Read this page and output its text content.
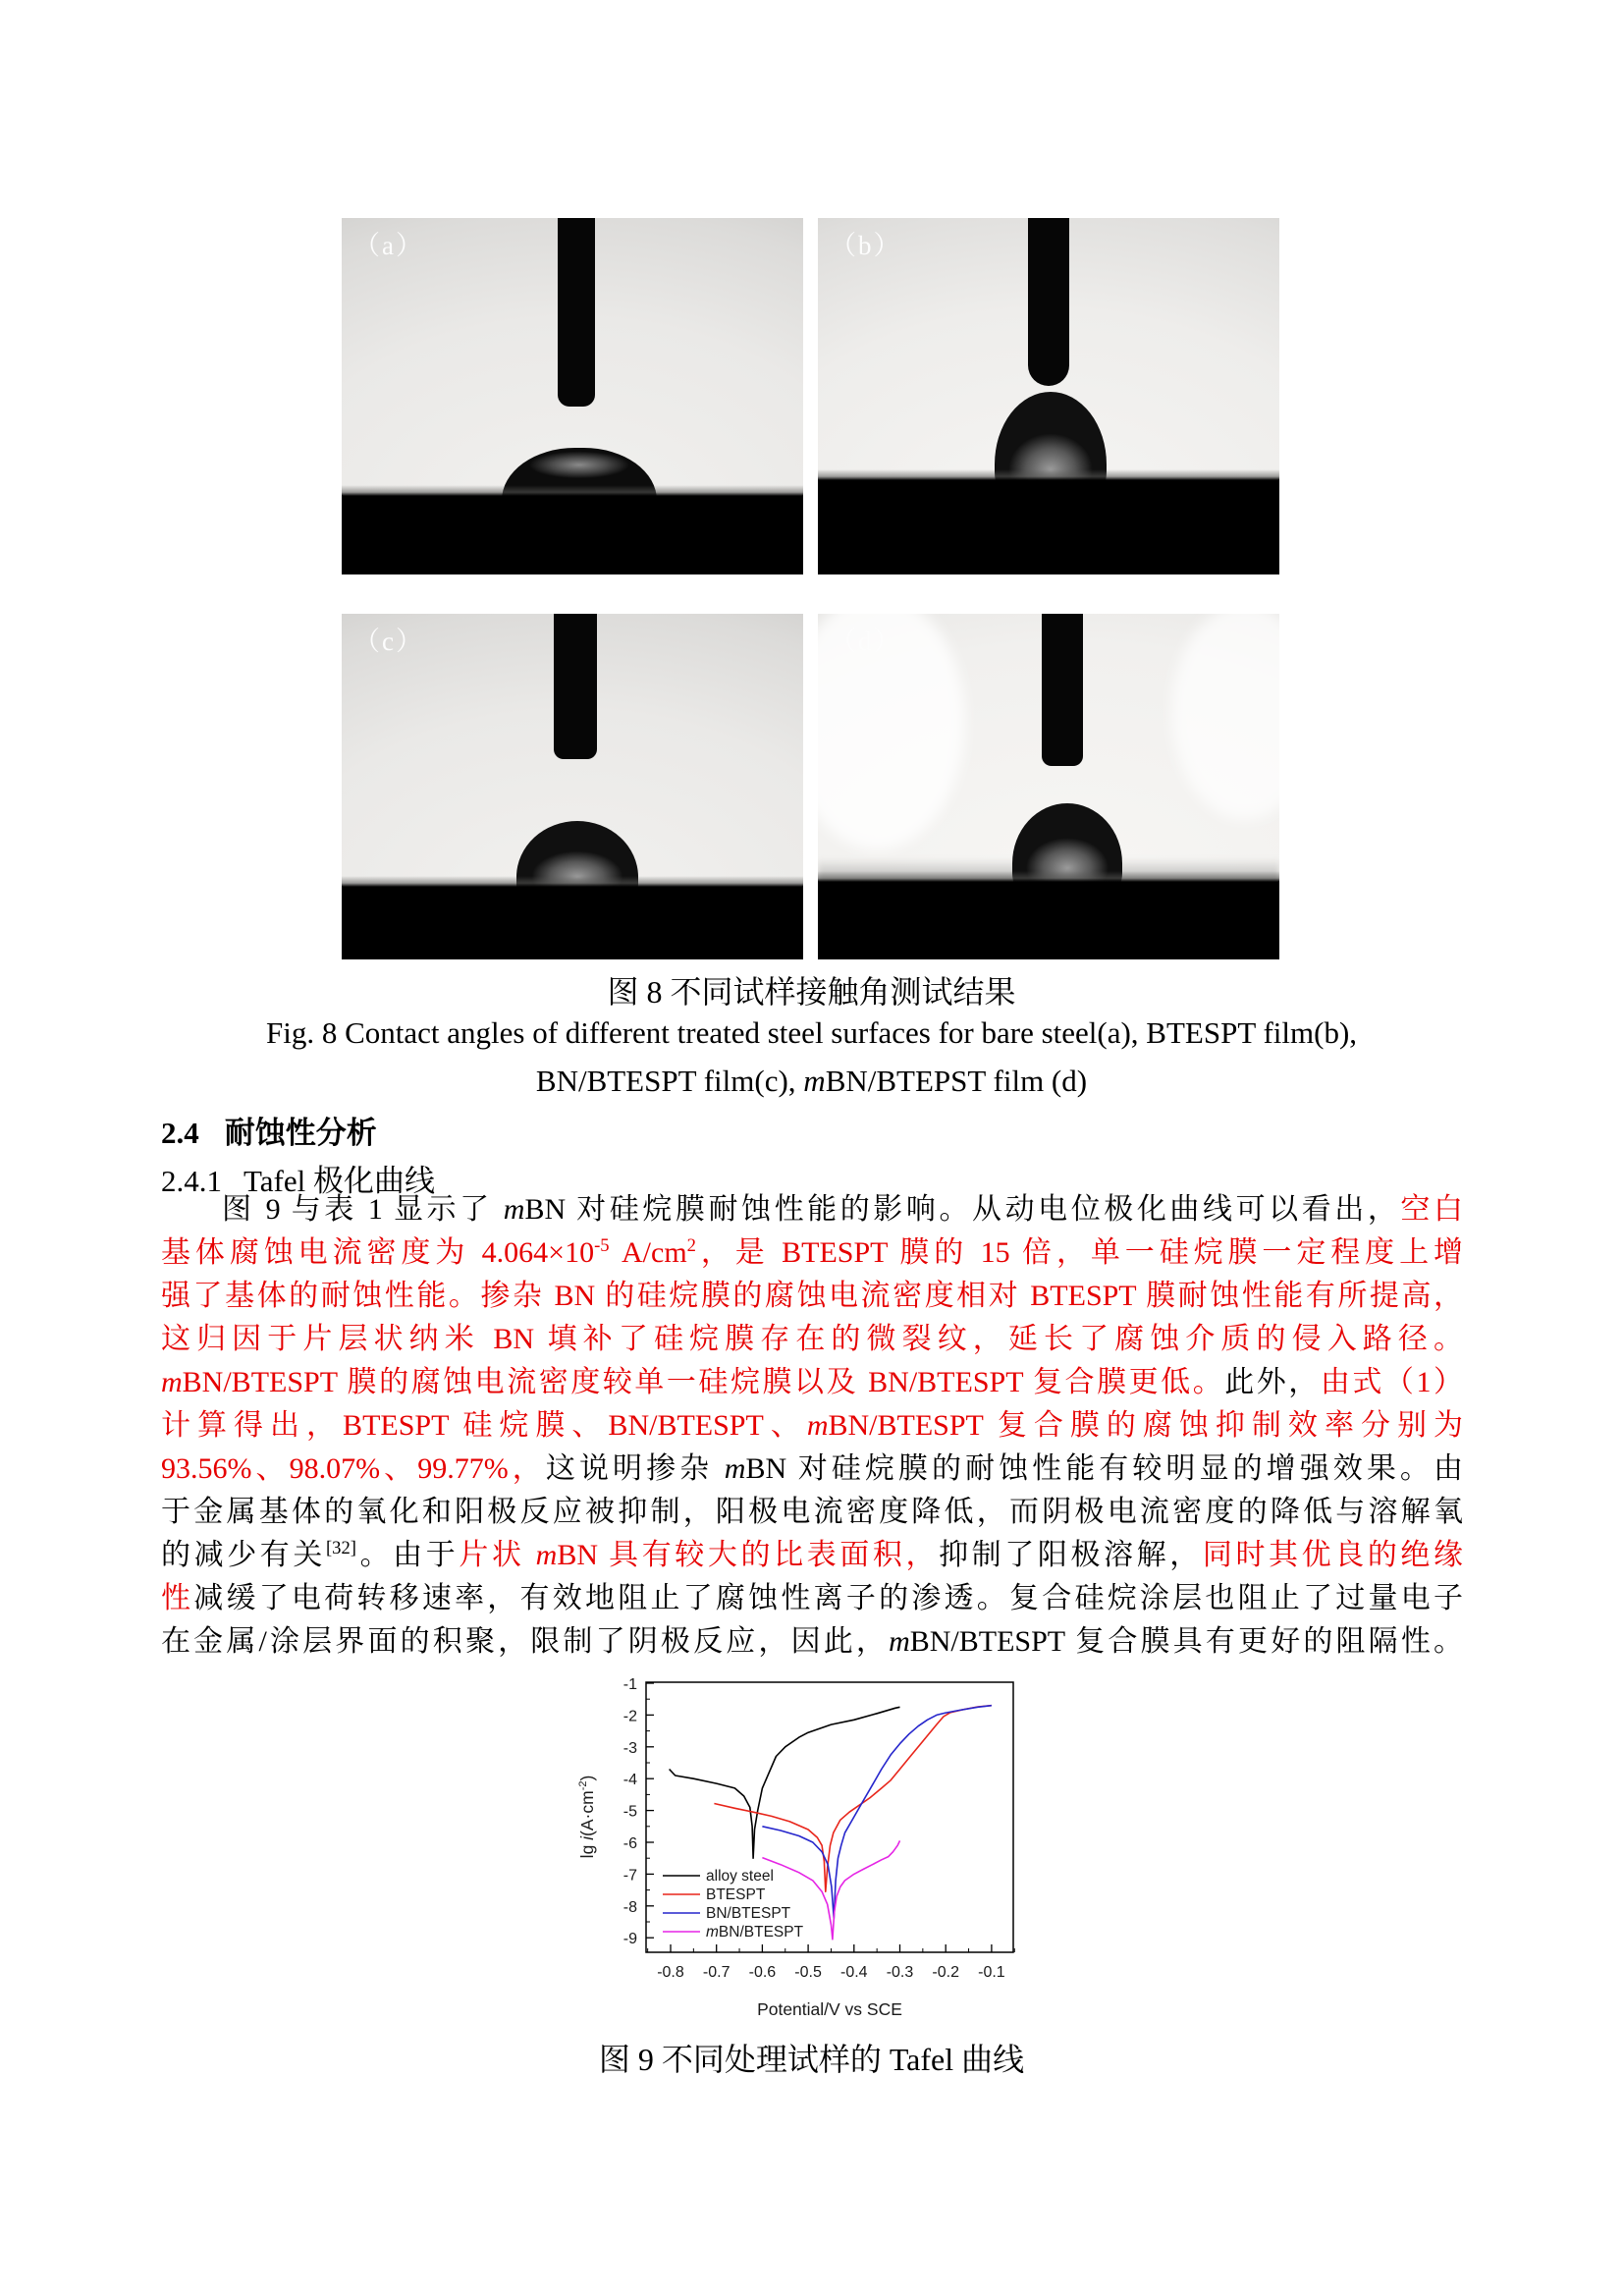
（a）	（b）
（c）	（d）
图 8 不同试样接触角测试结果
Fig. 8 Contact angles of different treated steel surfaces for bare steel(a), BTESPT film(b),
BN/BTESPT film(c), mBN/BTEPST film (d)
2.4 耐蚀性分析
2.4.1 Tafel 极化曲线
图 9 与表 1 显示了 mBN 对硅烷膜耐蚀性能的影响。从动电位极化曲线可以看出，空白
基体腐蚀电流密度为 $4.064\times 10^{-5}$ $A/cm^2$，是 BTESPT 膜的 15 倍，单一硅烷膜一定程度上增
强了基体的耐蚀性能。掺杂 BN 的硅烷膜的腐蚀电流密度相对 BTESPT 膜耐蚀性能有所提高，
这归因于片层状纳米 BN 填补了硅烷膜存在的微裂纹，延长了腐蚀介质的侵入路径。
mBN/BTESPT 膜的腐蚀电流密度较单一硅烷膜以及 BN/BTESPT 复合膜更低。此外，由式（1）
计算得出，BTESPT 硅烷膜、BN/BTESPT、mBN/BTESPT 复合膜的腐蚀抑制效率分别为
93.56%、98.07%、99.77%，这说明掺杂 mBN 对硅烷膜的耐蚀性能有较明显的增强效果。由
于金属基体的氧化和阳极反应被抑制，阳极电流密度降低，而阴极电流密度的降低与溶解氧
的减少有关[32]。由于片状 mBN 具有较大的比表面积，抑制了阳极溶解，同时其优良的绝缘
性减缓了电荷转移速率，有效地阻止了腐蚀性离子的渗透。复合硅烷涂层也阻止了过量电子
在金属/涂层界面的积聚，限制了阴极反应，因此，mBN/BTESPT 复合膜具有更好的阻隔性。
-0.8 -0.7 -0.6 -0.5 -0.4 -0.3 -0.2 -0.1
-1
-2
-3
-4
-5
-6
-7
-8
-9
alloy steel
BTESPT
BN/BTESPT
mBN/BTESPT
Potential/V vs SCE
$\lg i(A\cdot cm^{-2})$
图 9 不同处理试样的 Tafel 曲线
